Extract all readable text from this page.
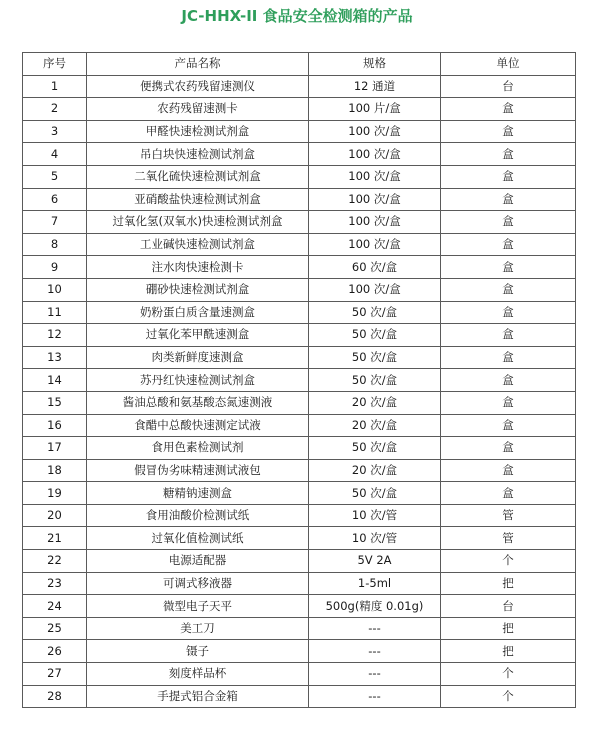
JC-HHX-II 食品安全检测箱的产品
序号	产品名称	规格	单位
1	便携式农药残留速测仪	12 通道	台
2	农药残留速测卡	100 片/盒	盒
3	甲醛快速检测试剂盒	100 次/盒	盒
4	吊白块快速检测试剂盒	100 次/盒	盒
5	二氧化硫快速检测试剂盒	100 次/盒	盒
6	亚硝酸盐快速检测试剂盒	100 次/盒	盒
7	过氧化氢(双氧水)快速检测试剂盒	100 次/盒	盒
8	工业碱快速检测试剂盒	100 次/盒	盒
9	注水肉快速检测卡	60 次/盒	盒
10	硼砂快速检测试剂盒	100 次/盒	盒
11	奶粉蛋白质含量速测盒	50 次/盒	盒
12	过氧化苯甲酰速测盒	50 次/盒	盒
13	肉类新鲜度速测盒	50 次/盒	盒
14	苏丹红快速检测试剂盒	50 次/盒	盒
15	酱油总酸和氨基酸态氮速测液	20 次/盒	盒
16	食醋中总酸快速测定试液	20 次/盒	盒
17	食用色素检测试剂	50 次/盒	盒
18	假冒伪劣味精速测试液包	20 次/盒	盒
19	糖精钠速测盒	50 次/盒	盒
20	食用油酸价检测试纸	10 次/管	管
21	过氧化值检测试纸	10 次/管	管
22	电源适配器	5V 2A	个
23	可调式移液器	1-5ml	把
24	微型电子天平	500g(精度 0.01g)	台
25	美工刀	---	把
26	镊子	---	把
27	刻度样品杯	---	个
28	手提式铝合金箱	---	个
